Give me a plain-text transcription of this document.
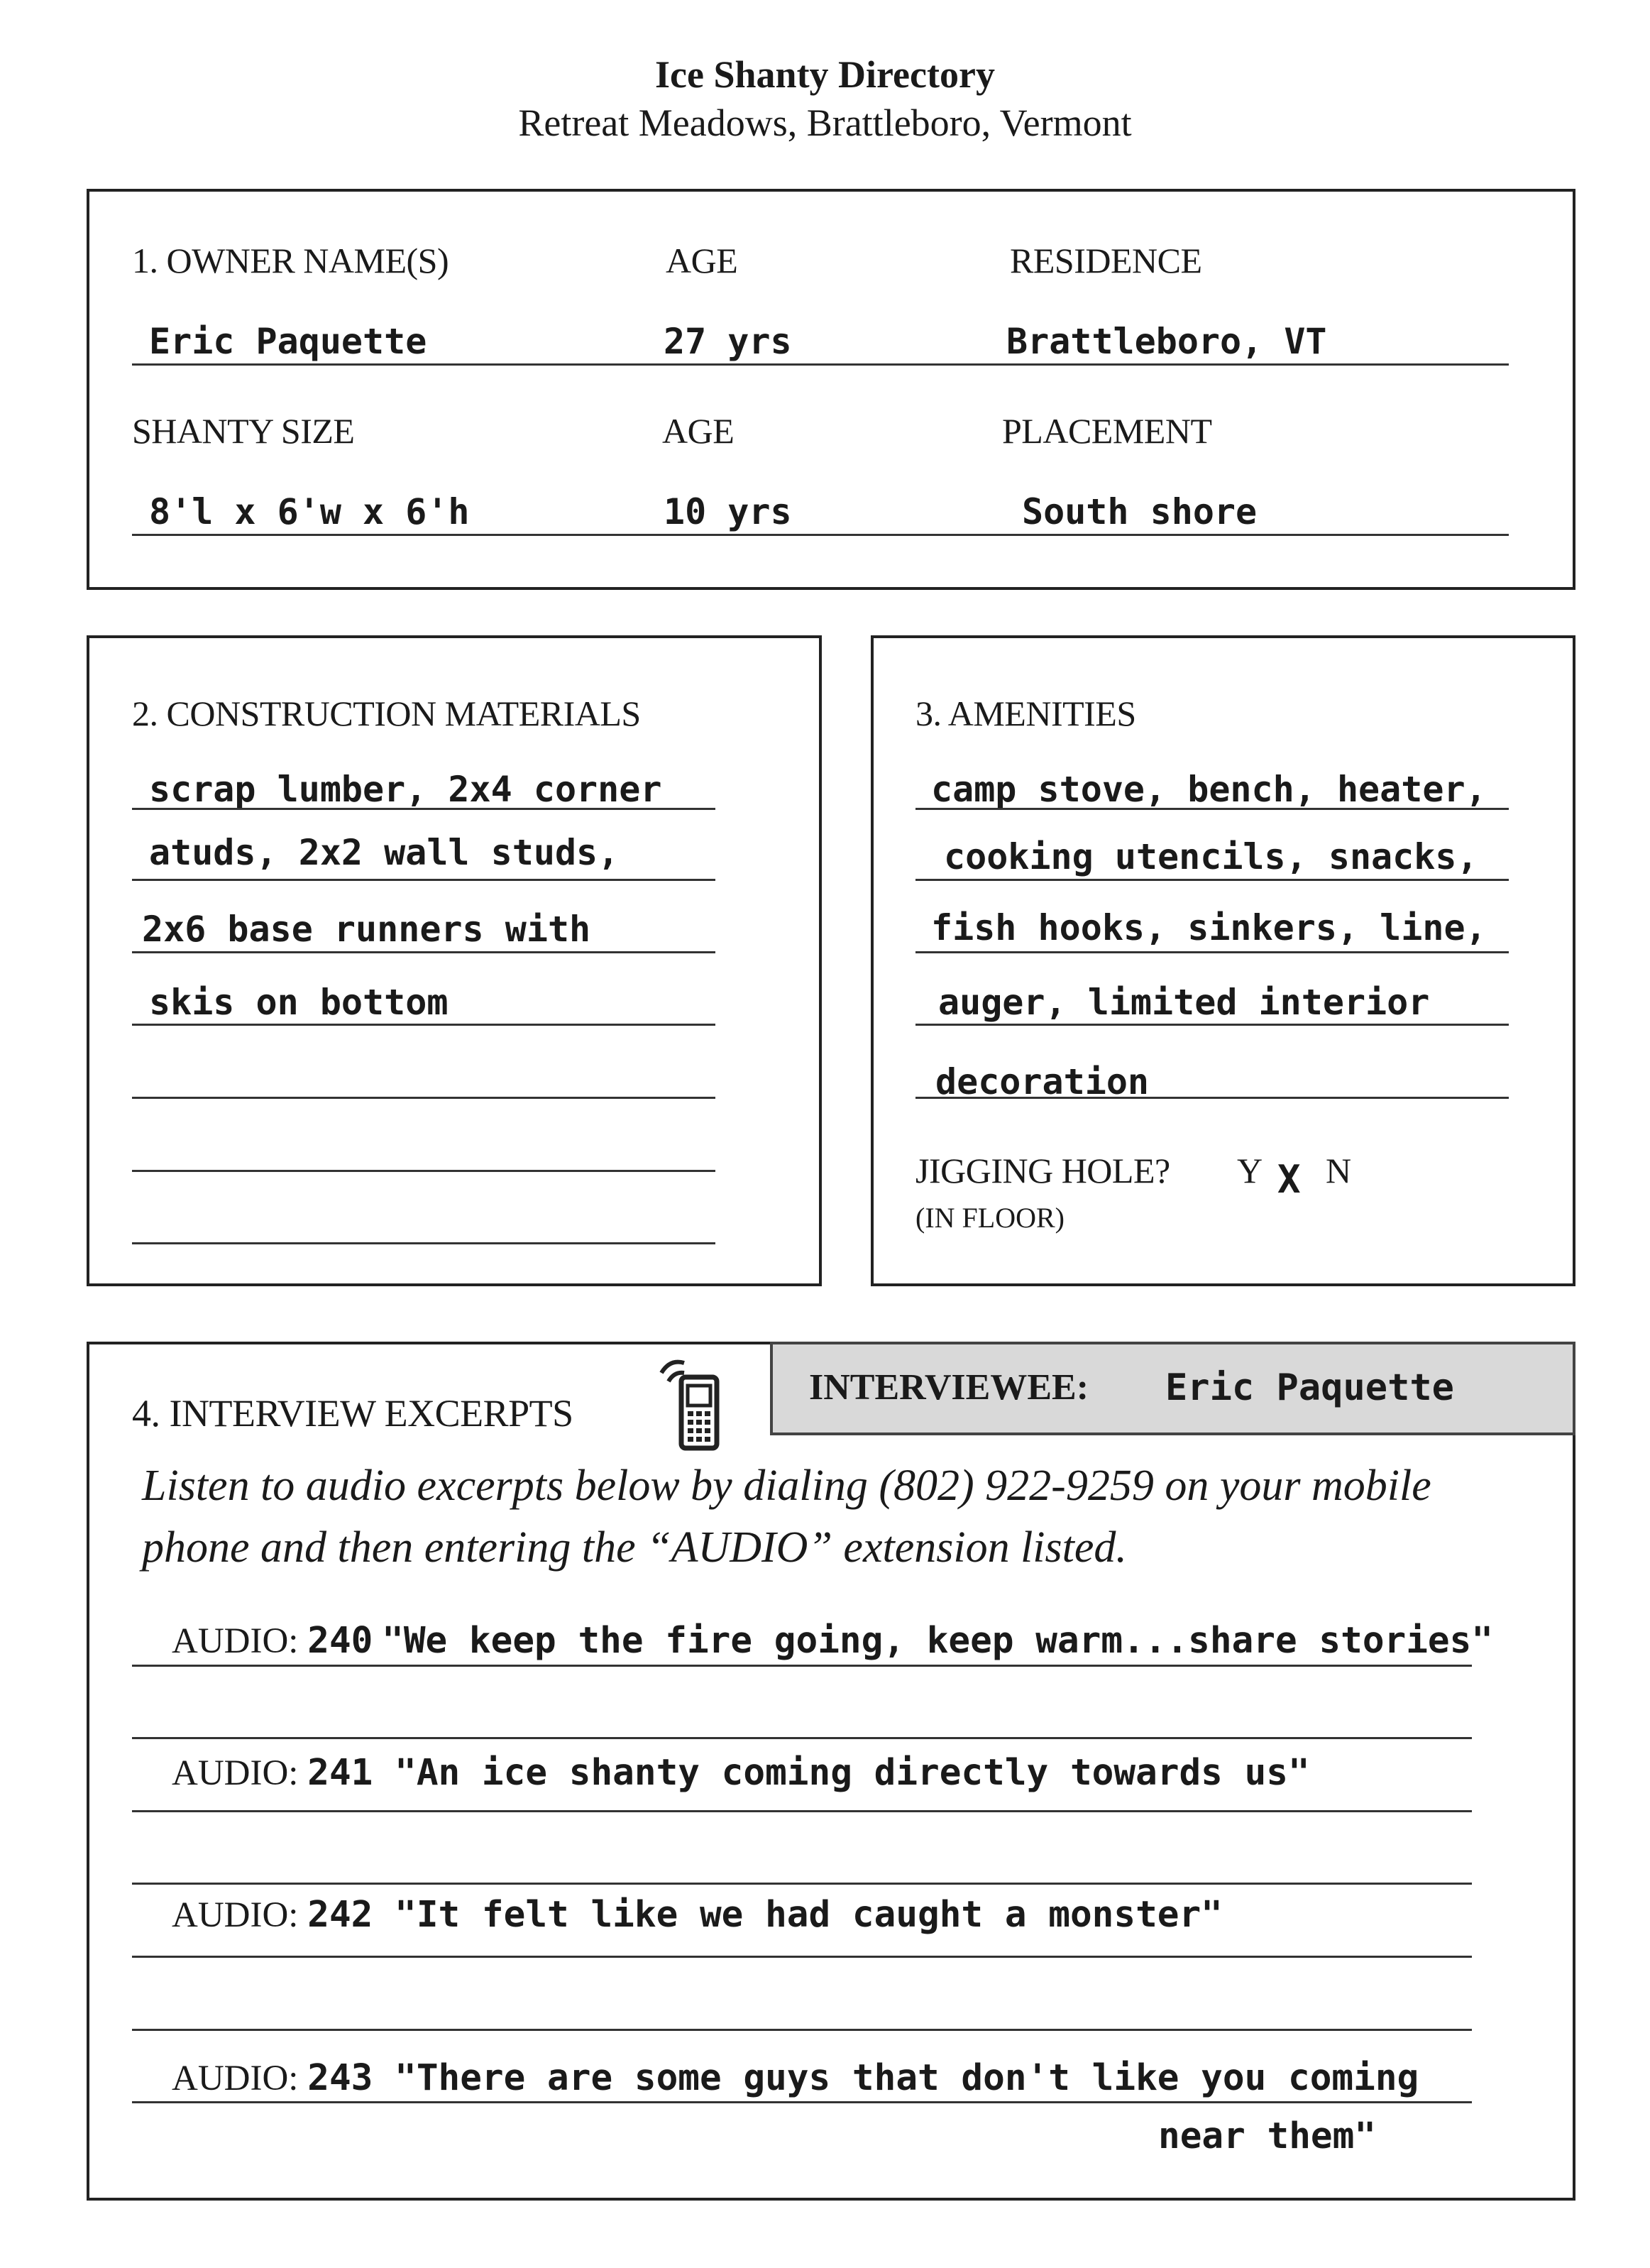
Ice Shanty Directory
Retreat Meadows, Brattleboro, Vermont
1. OWNER NAME(S)	AGE	RESIDENCE
Eric Paquette	27 yrs	Brattleboro, VT
SHANTY SIZE	AGE	PLACEMENT
8'l x 6'w x 6'h	10 yrs	South shore
2. CONSTRUCTION MATERIALS
scrap lumber, 2x4 corner
atuds, 2x2 wall studs,
2x6 base runners with
skis on bottom
3. AMENITIES
camp stove, bench, heater,
cooking utencils, snacks,
fish hooks, sinkers, line,
auger, limited interior
decoration
JIGGING HOLE? Y X N
(IN FLOOR)
INTERVIEWEE: Eric Paquette
4. INTERVIEW EXCERPTS
Listen to audio excerpts below by dialing (802) 922-9259 on your mobile
phone and then entering the “AUDIO” extension listed.
AUDIO: 240 "We keep the fire going, keep warm...share stories"
AUDIO: 241 "An ice shanty coming directly towards us"
AUDIO: 242 "It felt like we had caught a monster"
AUDIO: 243 "There are some guys that don't like you coming
near them"
